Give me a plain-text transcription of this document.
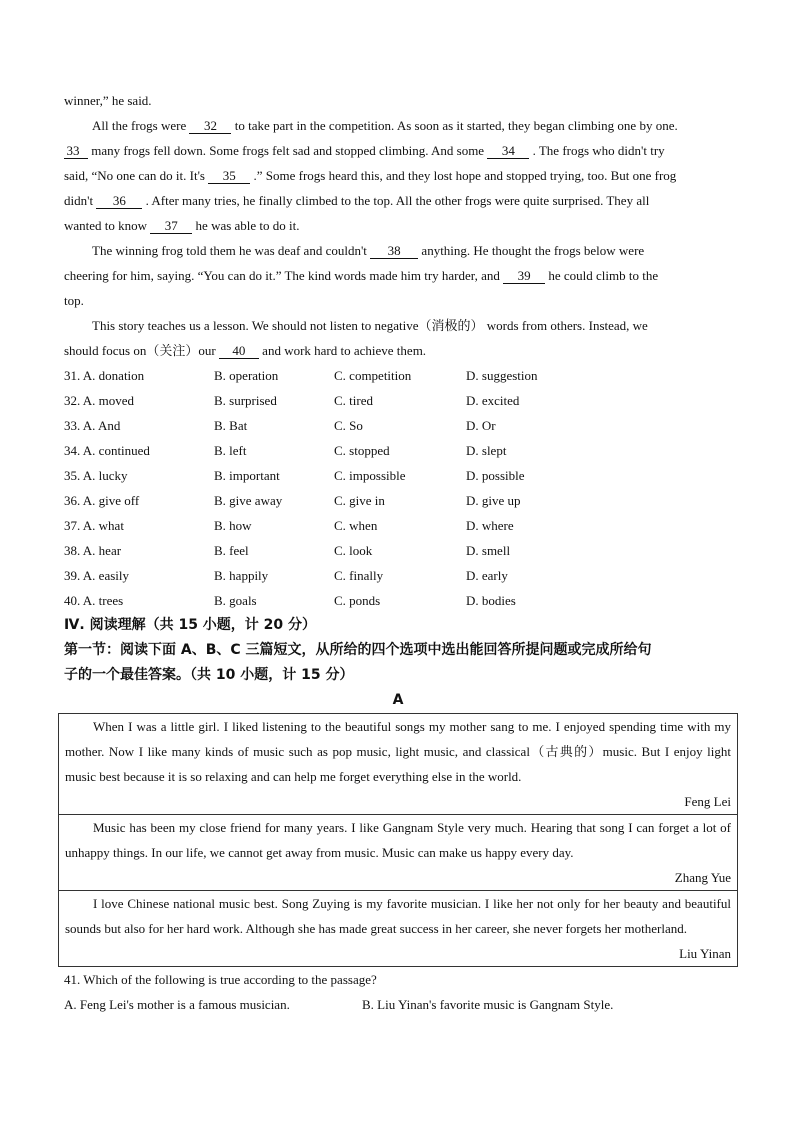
winner,” he said.
All the frogs were 32 to take part in the competition. As soon as it started, they began climbing one by one.
33 many frogs fell down. Some frogs felt sad and stopped climbing. And some 34 . The frogs who didn't try
said, “No one can do it. It's 35 .” Some frogs heard this, and they lost hope and stopped trying, too. But one frog
didn't 36 . After many tries, he finally climbed to the top. All the other frogs were quite surprised. They all
wanted to know 37 he was able to do it.
The winning frog told them he was deaf and couldn't 38 anything. He thought the frogs below were
cheering for him, saying. “You can do it.” The kind words made him try harder, and 39 he could climb to the
top.
This story teaches us a lesson. We should not listen to negative（消极的） words from others. Instead, we
should focus on（关注）our 40 and work hard to achieve them.
31. A. donation	B. operation	C. competition	D. suggestion
32. A. moved	B. surprised	C. tired	D. excited
33. A. And	B. Bat	C. So	D. Or
34. A. continued	B. left	C. stopped	D. slept
35. A. lucky	B. important	C. impossible	D. possible
36. A. give off	B. give away	C. give in	D. give up
37. A. what	B. how	C. when	D. where
38. A. hear	B. feel	C. look	D. smell
39. A. easily	B. happily	C. finally	D. early
40. A. trees	B. goals	C. ponds	D. bodies
Ⅳ. 阅读理解（共 15 小题，计 20 分）
第一节：阅读下面 A、B、C 三篇短文，从所给的四个选项中选出能回答所提问题或完成所给句
子的一个最佳答案。（共 10 小题，计 15 分）
A

When I was a little girl. I liked listening to the beautiful songs my mother sang to me. I enjoyed spending time with my mother. Now I like many kinds of music such as pop music, light music, and classical（古典的）music. But I enjoy light music best because it is so relaxing and can help me forget everything else in the world.

Feng Lei

Music has been my close friend for many years. I like Gangnam Style very much. Hearing that song I can forget a lot of unhappy things. In our life, we cannot get away from music. Music can make us happy every day.

Zhang Yue

I love Chinese national music best. Song Zuying is my favorite musician. I like her not only for her beauty and beautiful sounds but also for her hard work. Although she has made great success in her career, she never forgets her motherland.

Liu Yinan
41. Which of the following is true according to the passage?
A. Feng Lei's mother is a famous musician.	B. Liu Yinan's favorite music is Gangnam Style.
